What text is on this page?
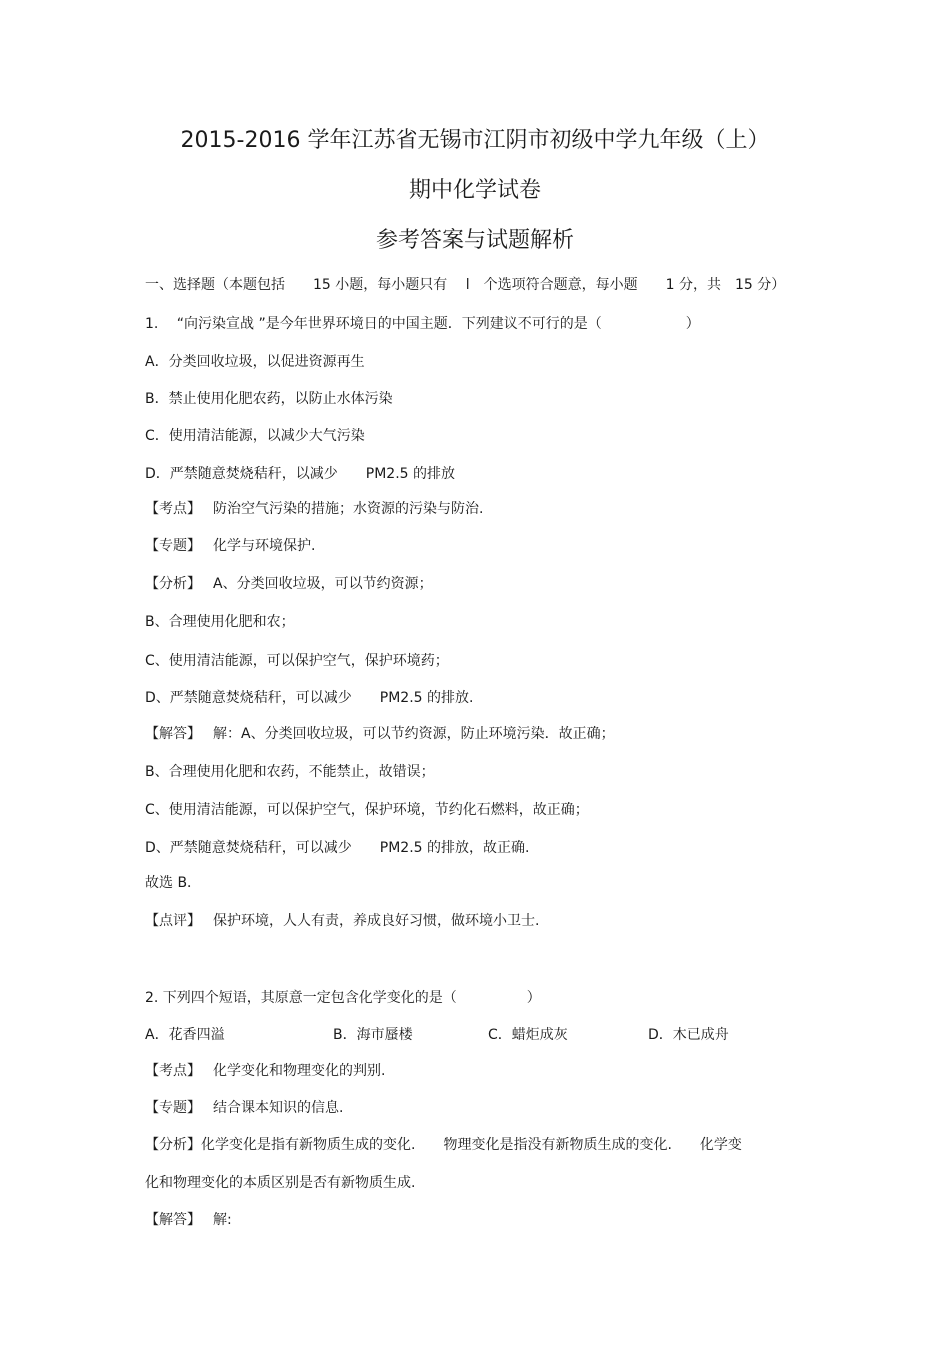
2015-2016 学年江苏省无锡市江阴市初级中学九年级（上）
期中化学试卷
参考答案与试题解析
一、选择题（本题包括　　15 小题，每小题只有　 l　个选项符合题意，每小题　　1 分，共　15 分）
1.　 “向污染宣战 ”是今年世界环境日的中国主题．下列建议不可行的是（　　　　　　）
A．分类回收垃圾，以促进资源再生
B．禁止使用化肥农药，以防止水体污染
C．使用清洁能源，以减少大气污染
D．严禁随意焚烧秸秆，以减少　　PM2.5 的排放
【考点】 防治空气污染的措施；水资源的污染与防治.
【专题】 化学与环境保护.
【分析】 A、分类回收垃圾，可以节约资源；
B、合理使用化肥和农；
C、使用清洁能源，可以保护空气，保护环境药；
D、严禁随意焚烧秸秆，可以减少　　PM2.5 的排放.
【解答】 解：A、分类回收垃圾，可以节约资源，防止环境污染．故正确；
B、合理使用化肥和农药，不能禁止，故错误；
C、使用清洁能源，可以保护空气，保护环境，节约化石燃料，故正确；
D、严禁随意焚烧秸秆，可以减少　　PM2.5 的排放，故正确.
故选 B．
【点评】 保护环境，人人有责，养成良好习惯，做环境小卫士.
2. 下列四个短语，其原意一定包含化学变化的是（　　　　　）
A．花香四溢	B．海市蜃楼	C．蜡炬成灰	D．木已成舟
【考点】 化学变化和物理变化的判别.
【专题】 结合课本知识的信息.
【分析】化学变化是指有新物质生成的变化.　　物理变化是指没有新物质生成的变化.　　化学变
化和物理变化的本质区别是否有新物质生成.
【解答】 解:
